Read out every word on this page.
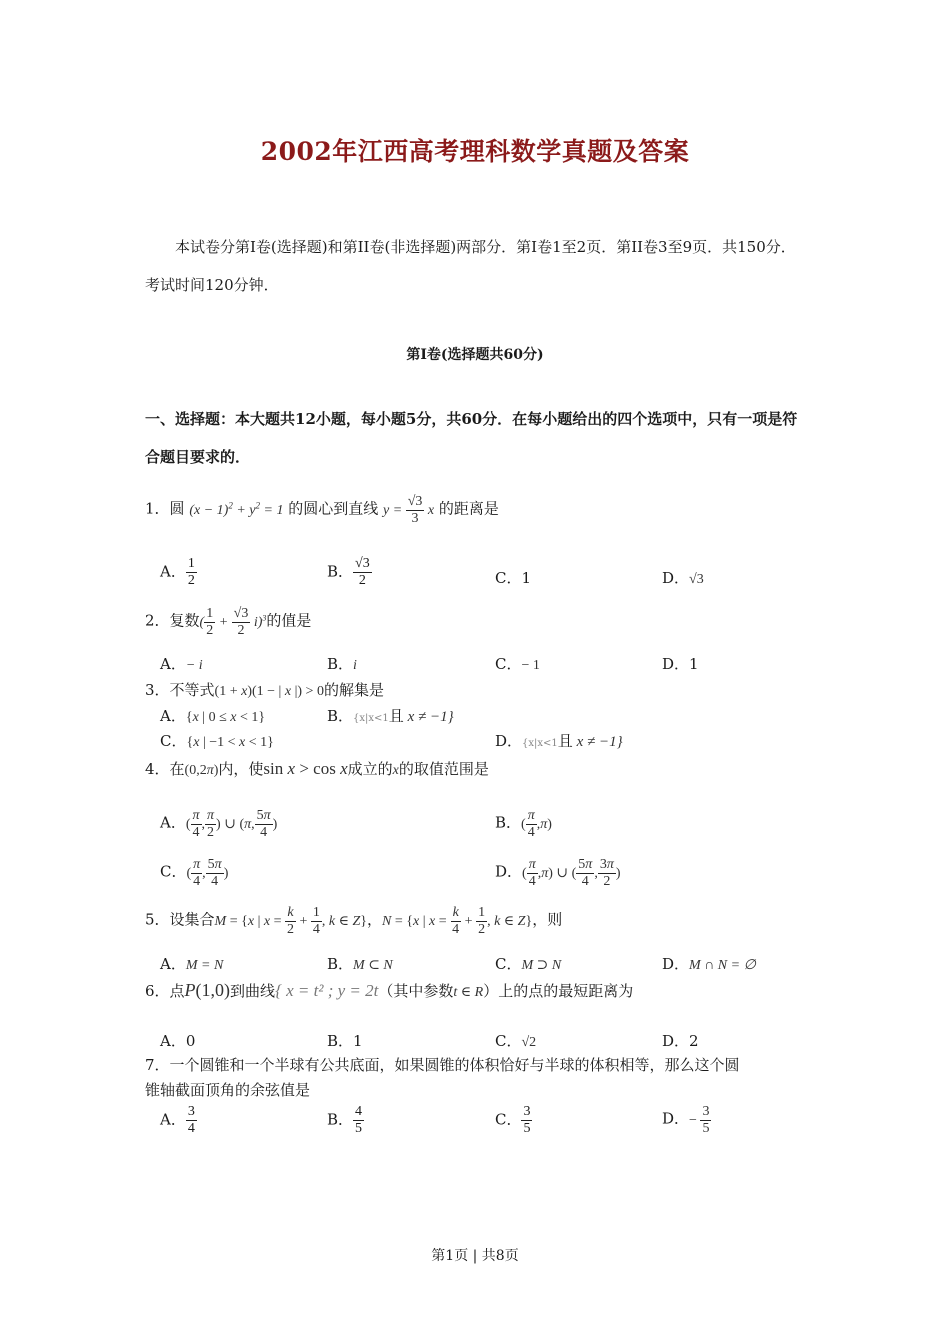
2002年江西高考理科数学真题及答案
本试卷分第I卷(选择题)和第II卷(非选择题)两部分．第I卷1至2页．第II卷3至9页．共150分．考试时间120分钟．
第I卷(选择题共60分)
一、选择题：本大题共12小题，每小题5分，共60分．在每小题给出的四个选项中，只有一项是符合题目要求的．
1．圆 $(x - 1)^2 + y^2 = 1$ 的圆心到直线 $y = \frac{√3}{3}$ x 的距离是
A． $\frac{1}{2}$	B． $\frac{√3}{2}$	C．1	D．√3
2．复数( $\frac{1}{2} + \frac{√3}{2} i)^3$的值是
A．− i	B．i	C．− 1	D．1
3．不等式(1 + x)(1 − | x |) > 0的解集是
A．{x | 0 ≤ x < 1}	B．{x|x<1且 x ≠ −1}
C．{x | −1 < x < 1}	D．{x|x<1且 x ≠ −1}
4．在(0,2π)内，使sin x > cos x成立的x的取值范围是
A．( $\frac{\pi}{4}$ , $\frac{\pi}{2}$ ) ∪ (π, $\frac{5\pi}{4}$ )	B．( $\frac{\pi}{4} ,\pi$)
C．( $\frac{\pi}{4}$ , $\frac{5\pi}{4}$ )	D．( $\frac{\pi}{4} ,\pi$) ∪ ( $\frac{5\pi}{4}$ , $\frac{3\pi}{2}$ )
5．设集合M = {x | $x = \frac{k}{2} + \frac{1}{4}$ , k ∈ Z}，N = {x | $x = \frac{k}{4} + \frac{1}{2}$ , k ∈ Z}，则
A．M = N	B．M ⊂ N	C．M ⊃ N	D．M ∩ N = ∅
6．点P(1,0)到曲线{ x = t² ; y = 2t（其中参数t ∈ R）上的点的最短距离为
A．0	B．1	C．√2	D．2
7．一个圆锥和一个半球有公共底面，如果圆锥的体积恰好与半球的体积相等，那么这个圆
锥轴截面顶角的余弦值是
A． $\frac{3}{4}$	B． $\frac{4}{5}$	C． $\frac{3}{5}$	D．− $\frac{3}{5}$
第1页 | 共8页
